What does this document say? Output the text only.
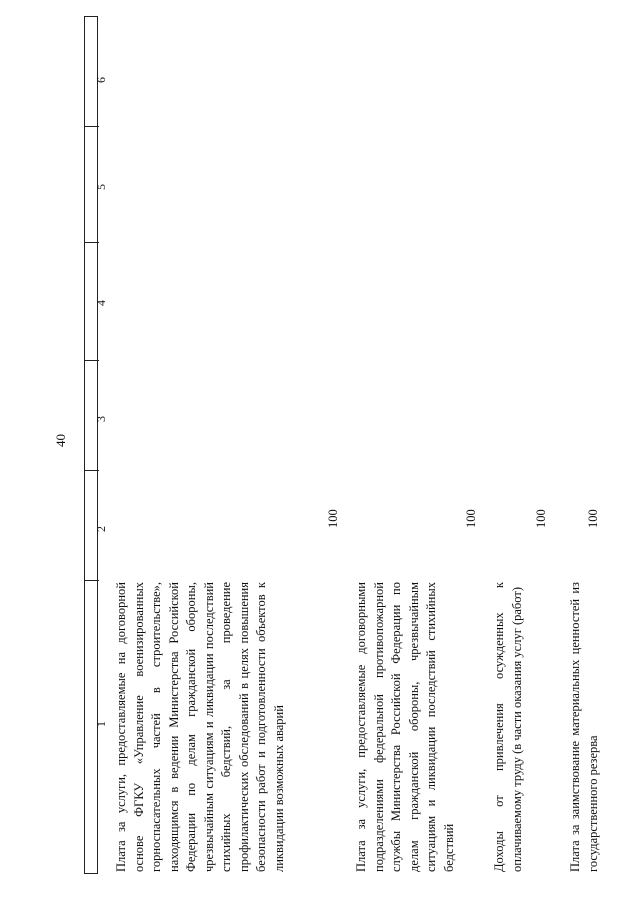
40
1
2
3
4
5
6
Плата за услуги, предоставляемые на договорной основе ФГКУ «Управление военизированных горноспасательных частей в строительстве», находящимся в ведении Министерства Российской Федерации по делам гражданской обороны, чрезвычайным ситуациям и ликвидации последствий стихийных бедствий, за проведение профилактических обследований в целях повышения безопасности работ и подготовленности объектов к ликвидации возможных аварий
100
Плата за услуги, предоставляемые договорными подразделениями федеральной противопожарной службы Министерства Российской Федерации по делам гражданской обороны, чрезвычайным ситуациям и ликвидации последствий стихийных бедствий
100
Доходы от привлечения осужденных к оплачиваемому труду (в части оказания услуг (работ)
100
Плата за заимствование материальных ценностей из государственного резерва
100
